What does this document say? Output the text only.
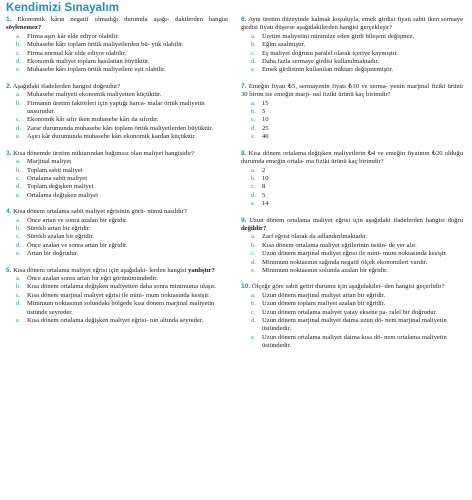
Kendimizi Sınayalım
1. Ekonomik kârın negatif olmadığı durumda aşağı- dakilerden hangisi söylenemez?
a. Firma aşırı kâr elde ediyor olabilir.
b. Muhasebe kârı toplam örtük maliyetlerden bü- yük olabilir.
c. Firma normal kâr elde ediyor olabilir.
d. Ekonomik maliyet toplam hasılattan büyüktür.
e. Muhasebe kârı toplam örtük maliyetlere eşit olabilir.
2. Aşağıdaki ifadelerden hangisi doğrudur?
a. Muhasebe maliyeti ekonomik maliyetten küçüktür.
b. Firmanın üretim faktörleri için yaptığı harca- malar örtük maliyetin unsurudur.
c. Ekonomik kâr sıfır iken muhasebe kârı da sıfırdır.
d. Zarar durumunda muhasebe kârı toplam örtük maliyetlerden büyüktür.
e. Aşırı kâr durumunda muhasebe kârı ekonomik kardan küçüktür.
3. Kısa dönemde üretim miktarından bağımsız olan maliyet hangisidir?
a. Marjinal maliyet
b. Toplam sabit maliyet
c. Ortalama sabit maliyet
d. Toplam değişken maliyet
e. Ortalama değişken maliyet
4. Kısa dönem ortalama sabit maliyet eğrisinin görü- nümü nasıldır?
a. Önce artan ve sonra azalan bir eğridir.
b. Sürekli artan bir eğridir.
c. Sürekli azalan bir eğridir.
d. Önce azalan ve sonra artan bir eğridir.
e. Artan bir doğrudur.
5. Kısa dönem ortalama maliyet eğrisi için aşağıdaki- lerden hangisi yanlıştır?
a. Önce azalan sonra artan bir eğri görünümündedir.
b. Kısa dönem ortalama değişken maliyetten daha sonra minimuma ulaşır.
c. Kısa dönem marjinal maliyet eğrisi ile mini- mum noktasında kesişir.
d. Minimum noktasının solundaki bölgede kısa dönem marjinal maliyetin üstünde seyreder.
e. Kısa dönem ortalama değişken maliyet eğrisi- nin altında seyreder.
6. Aynı üretim düzeyinde kalmak koşuluyla, emek girdisi fiyatı sabit iken sermaye girdisi fiyatı düşerse aşağıdakilerden hangisi gerçekleşir?
a. Üretim maliyetini minimize eden girdi bileşeni değişmez.
b. Eğim azalmıştır.
c. Eş maliyet doğrusu paralel olarak içeriye kaymıştır.
d. Daha fazla sermaye girdisi kullanılmaktadır.
e. Emek girdisinin kullanılan miktarı değişmemiştir.
7. Emeğin fiyatı ₺5, sermayenin fiyatı ₺10 ve serma- yenin marjinal fiziki ürünü 30 birim ise emeğin marji- nal fiziki ürünü kaç birimdir?
a. 15
b. 5
c. 10
d. 25
e. 40
8. Kısa dönem ortalama değişken maliyetlerin ₺4 ve emeğin fiyatının ₺20 olduğu durumda emeğin ortala- ma fiziki ürünü kaç birimdir?
a. 2
b. 10
c. 8
d. 5
e. 14
9. Uzun dönem ortalama maliyet eğrisi için aşağıdaki ifadelerden hangisi doğru değildir?
a. Zarf eğrisi olarak da adlandırılmaktadır.
b. Kısa dönem ortalama maliyet eğrilerinin üstün- de yer alır.
c. Uzun dönem marjinal maliyet eğrisi ile mini- mum noktasında kesişir.
d. Minimum noktasının sağında negatif ölçek ekonomileri vardır.
e. Minimum noktasının solunda azalan bir eğridir.
10. Ölçeğe göre sabit getiri durumu için aşağıdakiler- den hangisi geçerlidir?
a. Uzun dönem marjinal maliyet artan bir eğridir.
b. Uzun dönem toplam maliyet azalan bir eğridir.
c. Uzun dönem ortalama maliyet yatay eksene pa- ralel bir doğrudur.
d. Uzun dönem marjinal maliyet daima uzun dö- nem marjinal maliyetin üstündedir.
e. Uzun dönem ortalama maliyet daima kısa dö- nem ortalama maliyetin üstündedir.
